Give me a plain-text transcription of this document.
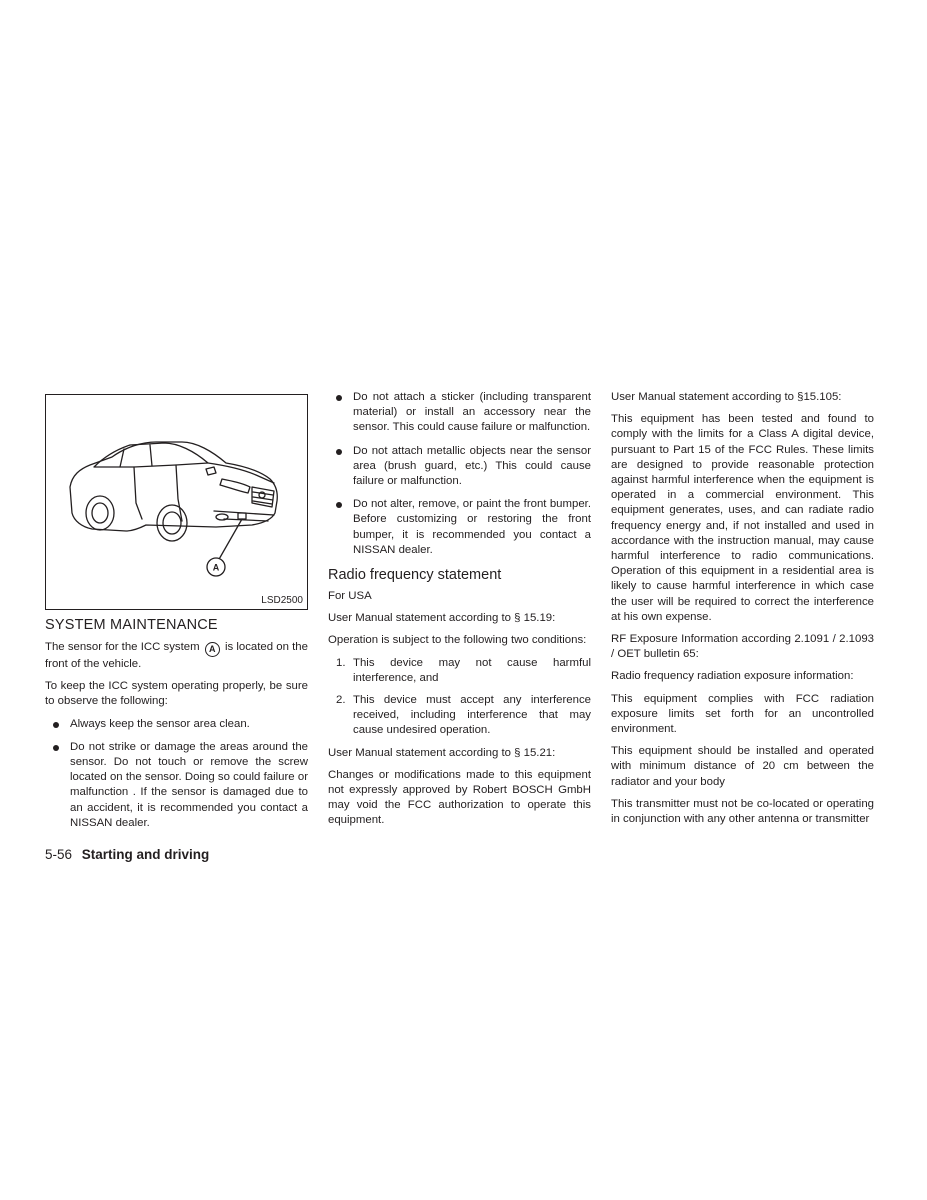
A
LSD2500
SYSTEM MAINTENANCE

The sensor for the ICC system A is located on the front of the vehicle.

To keep the ICC system operating properly, be sure to observe the following:

Always keep the sensor area clean.
Do not strike or damage the areas around the sensor. Do not touch or remove the screw located on the sensor. Doing so could failure or malfunction . If the sensor is damaged due to an accident, it is recommended you contact a NISSAN dealer.
Do not attach a sticker (including transparent material) or install an accessory near the sensor. This could cause failure or malfunction.
Do not attach metallic objects near the sensor area (brush guard, etc.) This could cause failure or malfunction.
Do not alter, remove, or paint the front bumper. Before customizing or restoring the front bumper, it is recommended you contact a NISSAN dealer.
Radio frequency statement

For USA

User Manual statement according to § 15.19:

Operation is subject to the following two conditions:

1. This device may not cause harmful interference, and
2. This device must accept any interference received, including interference that may cause undesired operation.

User Manual statement according to § 15.21:

Changes or modifications made to this equipment not expressly approved by Robert BOSCH GmbH may void the FCC authorization to operate this equipment.

User Manual statement according to §15.105:

This equipment has been tested and found to comply with the limits for a Class A digital device, pursuant to Part 15 of the FCC Rules. These limits are designed to provide reasonable protection against harmful interference when the equipment is operated in a commercial environment. This equipment generates, uses, and can radiate radio frequency energy and, if not installed and used in accordance with the instruction manual, may cause harmful interference to radio communications. Operation of this equipment in a residential area is likely to cause harmful interference in which case the user will be required to correct the interference at his own expense.

RF Exposure Information according 2.1091 / 2.1093 / OET bulletin 65:

Radio frequency radiation exposure information:

This equipment complies with FCC radiation exposure limits set forth for an uncontrolled environment.

This equipment should be installed and operated with minimum distance of 20 cm between the radiator and your body

This transmitter must not be co-located or operating in conjunction with any other antenna or transmitter

5-56 Starting and driving
